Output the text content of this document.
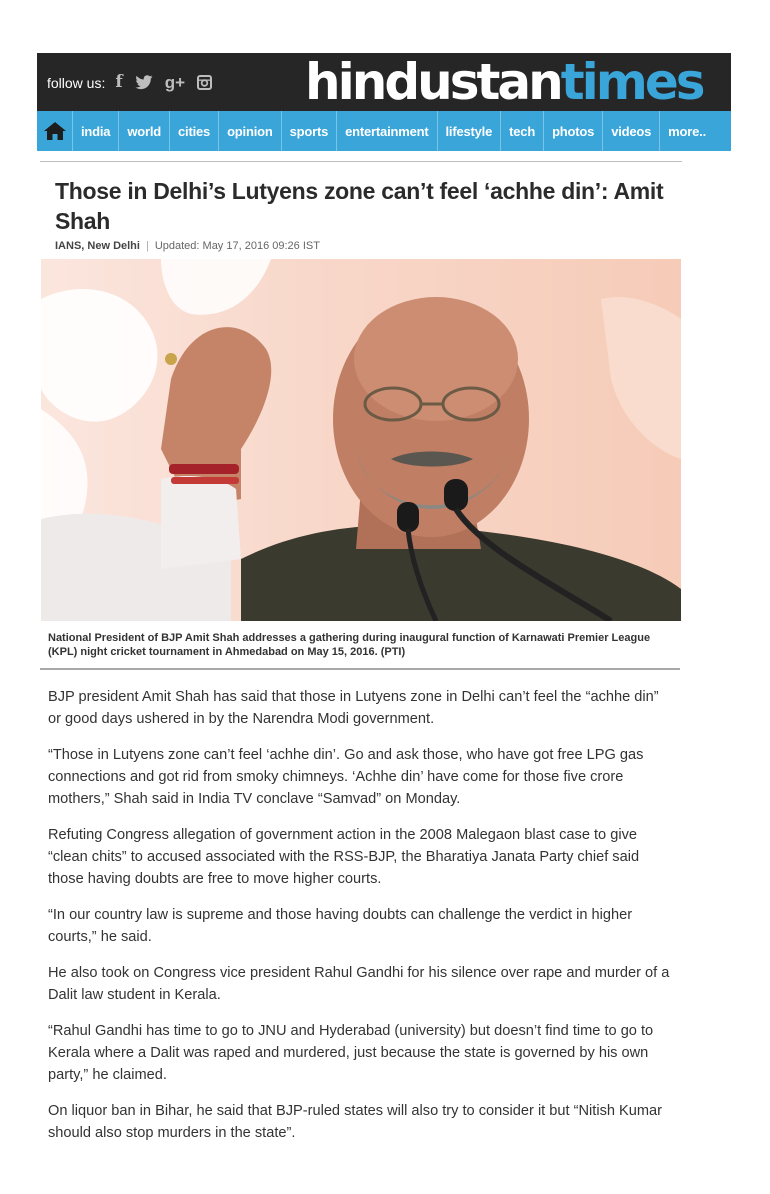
follow us: f g+ hindustantimes
india	world	cities	opinion	sports	entertainment	lifestyle	tech	photos	videos	more..
Those in Delhi’s Lutyens zone can’t feel ‘achhe din’: Amit Shah
IANS, New Delhi | Updated: May 17, 2016 09:26 IST
National President of BJP Amit Shah addresses a gathering during inaugural function of Karnawati Premier League (KPL) night cricket tournament in Ahmedabad on May 15, 2016. (PTI)

BJP president Amit Shah has said that those in Lutyens zone in Delhi can’t feel the “achhe din” or good days ushered in by the Narendra Modi government.

“Those in Lutyens zone can’t feel ‘achhe din’. Go and ask those, who have got free LPG gas connections and got rid from smoky chimneys. ‘Achhe din’ have come for those five crore mothers,” Shah said in India TV conclave “Samvad” on Monday.

Refuting Congress allegation of government action in the 2008 Malegaon blast case to give “clean chits” to accused associated with the RSS-BJP, the Bharatiya Janata Party chief said those having doubts are free to move higher courts.

“In our country law is supreme and those having doubts can challenge the verdict in higher courts,” he said.

He also took on Congress vice president Rahul Gandhi for his silence over rape and murder of a Dalit law student in Kerala.

“Rahul Gandhi has time to go to JNU and Hyderabad (university) but doesn’t find time to go to Kerala where a Dalit was raped and murdered, just because the state is governed by his own party,” he claimed.

On liquor ban in Bihar, he said that BJP-ruled states will also try to consider it but “Nitish Kumar should also stop murders in the state”.
